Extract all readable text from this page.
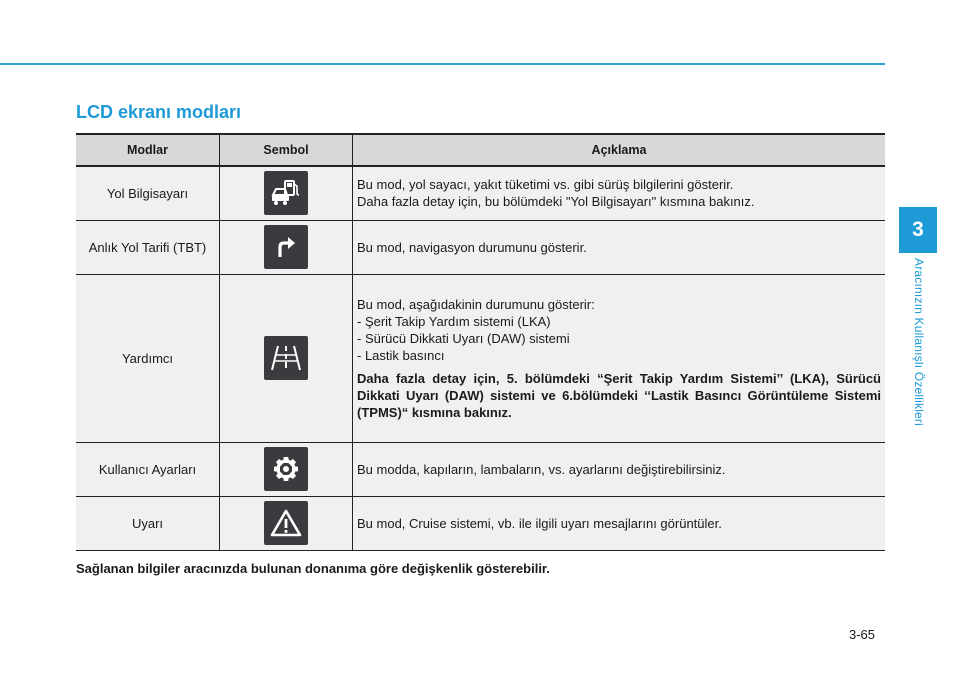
LCD ekranı modları
3
Aracınızın Kullanışlı Özellikleri
Modlar	Sembol	Açıklama
Yol Bilgisayarı		Bu mod, yol sayacı, yakıt tüketimi vs. gibi sürüş bilgilerini gösterir.
Daha fazla detay için, bu bölümdeki "Yol Bilgisayarı" kısmına bakınız.

Anlık Yol Tarifi (TBT)		Bu mod, navigasyon durumunu gösterir.

Yardımcı		Bu mod, aşağıdakinin durumunu gösterir:
- Şerit Takip Yardım sistemi (LKA)
- Sürücü Dikkati Uyarı (DAW) sistemi
- Lastik basıncı
Daha fazla detay için, 5. bölümdeki “Şerit Takip Yardım Sistemi’’ (LKA), Sürücü Dikkati Uyarı (DAW) sistemi ve 6.bölümdeki ‘‘Lastik Basıncı Görüntüleme Sistemi (TPMS)“ kısmına bakınız.

Kullanıcı Ayarları		Bu modda, kapıların, lambaların, vs. ayarlarını değiştirebilirsiniz.

Uyarı		Bu mod, Cruise sistemi, vb. ile ilgili uyarı mesajlarını görüntüler.
Sağlanan bilgiler aracınızda bulunan donanıma göre değişkenlik gösterebilir.
3-65
